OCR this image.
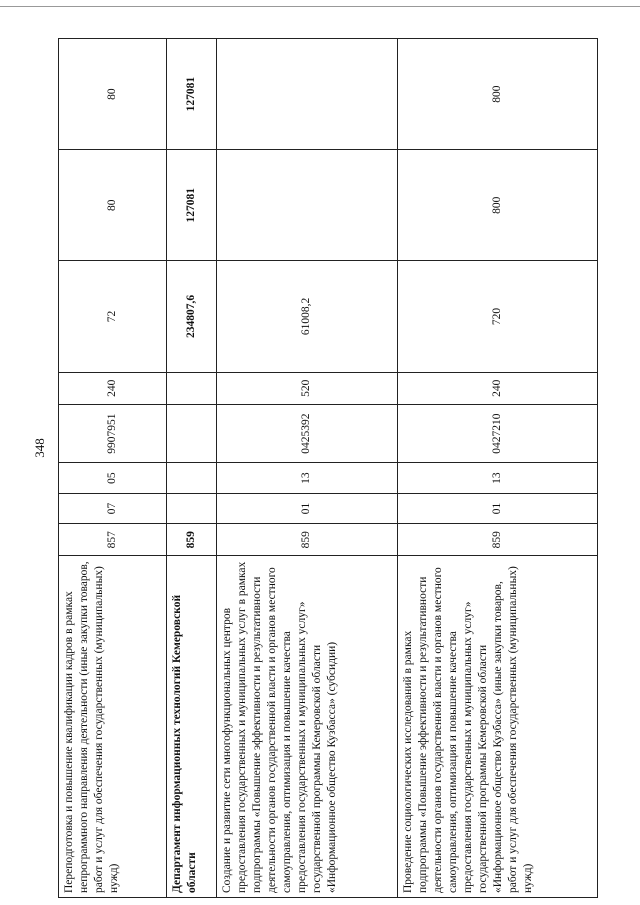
348
Переподготовка и повышение квалификации кадров в рамках непрограммного направления деятельности (иные закупки товаров, работ и услуг для обеспечения государственных (муниципальных) нужд)	857	07	05	9907951	240	72	80	80
Департамент информационных технологий Кемеровской области	859					234807,6	127081	127081
Создание и развитие сети многофункциональных центров предоставления государственных и муниципальных услуг в рамках подпрограммы «Повышение эффективности и результативности деятельности органов государственной власти и органов местного самоуправления, оптимизация и повышение качества предоставления государственных и муниципальных услуг» государственной программы Кемеровской области «Информационное общество Кузбасса» (субсидии)	859	01	13	0425392	520	61008,2		
Проведение социологических исследований в рамках подпрограммы «Повышение эффективности и результативности деятельности органов государственной власти и органов местного самоуправления, оптимизация и повышение качества предоставления государственных и муниципальных услуг» государственной программы Кемеровской области «Информационное общество Кузбасса» (иные закупки товаров, работ и услуг для обеспечения государственных (муниципальных) нужд)	859	01	13	0427210	240	720	800	800
